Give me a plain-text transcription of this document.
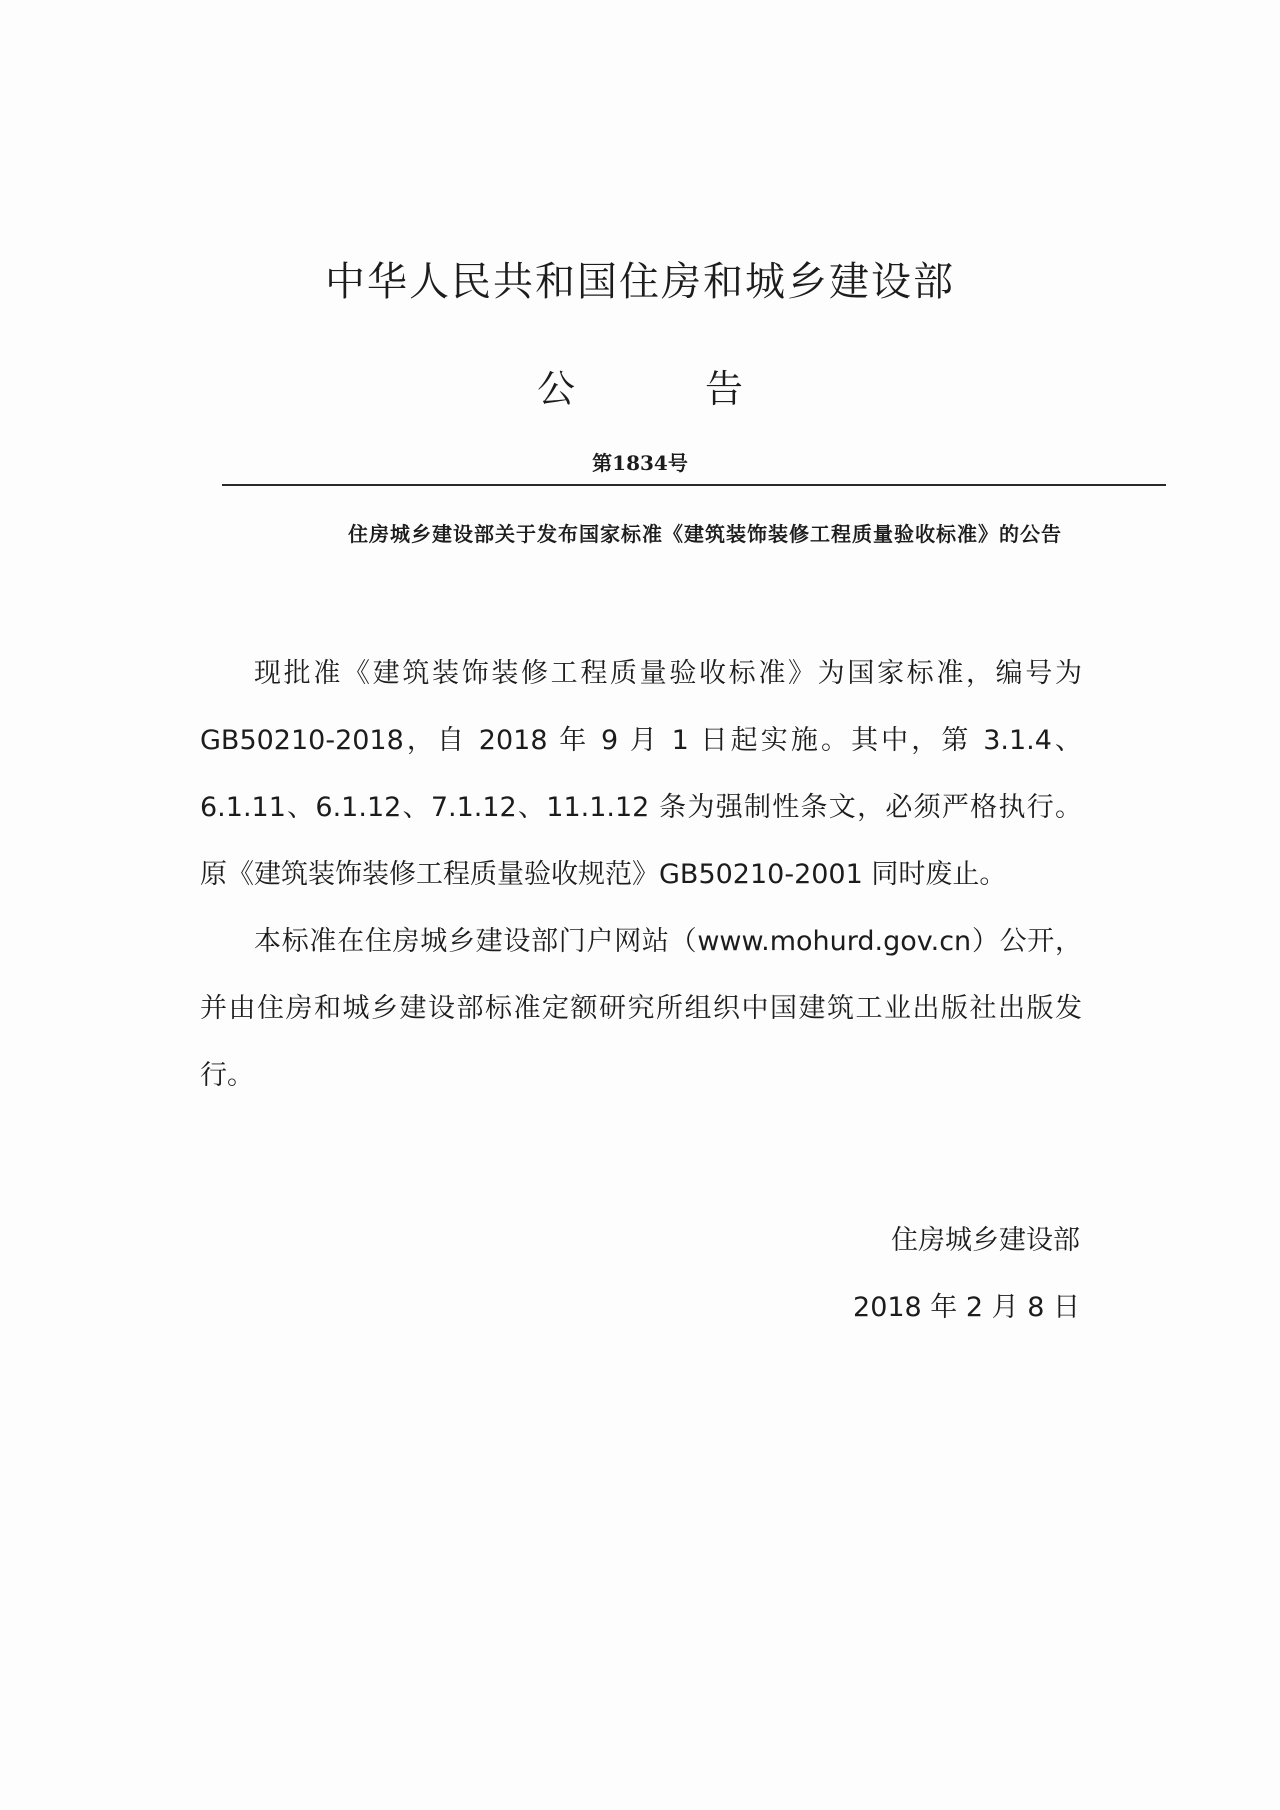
中华人民共和国住房和城乡建设部
公告
第1834号
住房城乡建设部关于发布国家标准《建筑装饰装修工程质量验收标准》的公告

现批准《建筑装饰装修工程质量验收标准》为国家标准，编号为GB50210-2018，自 2018 年 9 月 1 日起实施。其中，第 3.1.4、6.1.11、6.1.12、7.1.12、11.1.12 条为强制性条文，必须严格执行。原《建筑装饰装修工程质量验收规范》GB50210-2001 同时废止。

本标准在住房城乡建设部门户网站（www.mohurd.gov.cn）公开，并由住房和城乡建设部标准定额研究所组织中国建筑工业出版社出版发行。

住房城乡建设部
2018 年 2 月 8 日
